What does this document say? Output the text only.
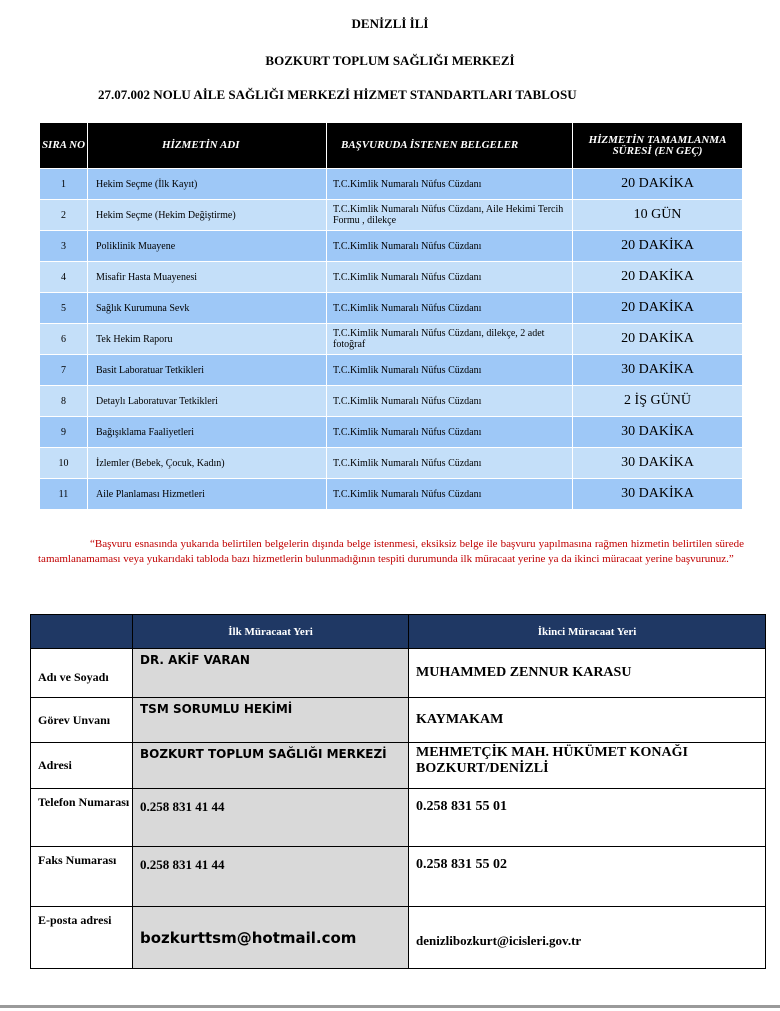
DENİZLİ İLİ
BOZKURT TOPLUM SAĞLIĞI MERKEZİ
27.07.002 NOLU AİLE SAĞLIĞI MERKEZİ HİZMET STANDARTLARI TABLOSU
SIRA NO	HİZMETİN ADI	BAŞVURUDA İSTENEN BELGELER	HİZMETİN TAMAMLANMA SÜRESİ (EN GEÇ)
1	Hekim Seçme (İlk Kayıt)	T.C.Kimlik Numaralı Nüfus Cüzdanı	20 DAKİKA
2	Hekim Seçme (Hekim Değiştirme)	T.C.Kimlik Numaralı Nüfus Cüzdanı, Aile Hekimi Tercih Formu , dilekçe	10 GÜN
3	Poliklinik Muayene	T.C.Kimlik Numaralı Nüfus Cüzdanı	20 DAKİKA
4	Misafir Hasta Muayenesi	T.C.Kimlik Numaralı Nüfus Cüzdanı	20 DAKİKA
5	Sağlık Kurumuna Sevk	T.C.Kimlik Numaralı Nüfus Cüzdanı	20 DAKİKA
6	Tek Hekim Raporu	T.C.Kimlik Numaralı Nüfus Cüzdanı, dilekçe, 2 adet fotoğraf	20 DAKİKA
7	Basit Laboratuar Tetkikleri	T.C.Kimlik Numaralı Nüfus Cüzdanı	30 DAKİKA
8	Detaylı Laboratuvar Tetkikleri	T.C.Kimlik Numaralı Nüfus Cüzdanı	2 İŞ GÜNÜ
9	Bağışıklama Faaliyetleri	T.C.Kimlik Numaralı Nüfus Cüzdanı	30 DAKİKA
10	İzlemler (Bebek, Çocuk, Kadın)	T.C.Kimlik Numaralı Nüfus Cüzdanı	30 DAKİKA
11	Aile Planlaması Hizmetleri	T.C.Kimlik Numaralı Nüfus Cüzdanı	30 DAKİKA
“Başvuru esnasında yukarıda belirtilen belgelerin dışında belge istenmesi, eksiksiz belge ile başvuru yapılmasına rağmen hizmetin belirtilen sürede tamamlanamaması veya yukarıdaki tabloda bazı hizmetlerin bulunmadığının tespiti durumunda ilk müracaat yerine ya da ikinci müracaat yerine başvurunuz.”
	İlk Müracaat Yeri	İkinci Müracaat Yeri
Adı ve Soyadı	DR. AKİF VARAN	MUHAMMED ZENNUR KARASU
Görev Unvanı	TSM SORUMLU HEKİMİ	KAYMAKAM
Adresi	BOZKURT TOPLUM SAĞLIĞI MERKEZİ	MEHMETÇİK MAH. HÜKÜMET KONAĞI BOZKURT/DENİZLİ
Telefon Numarası	0.258 831 41 44	0.258 831 55 01
Faks Numarası	0.258 831 41 44	0.258 831 55 02
E-posta adresi	bozkurttsm@hotmail.com	denizlibozkurt@icisleri.gov.tr
